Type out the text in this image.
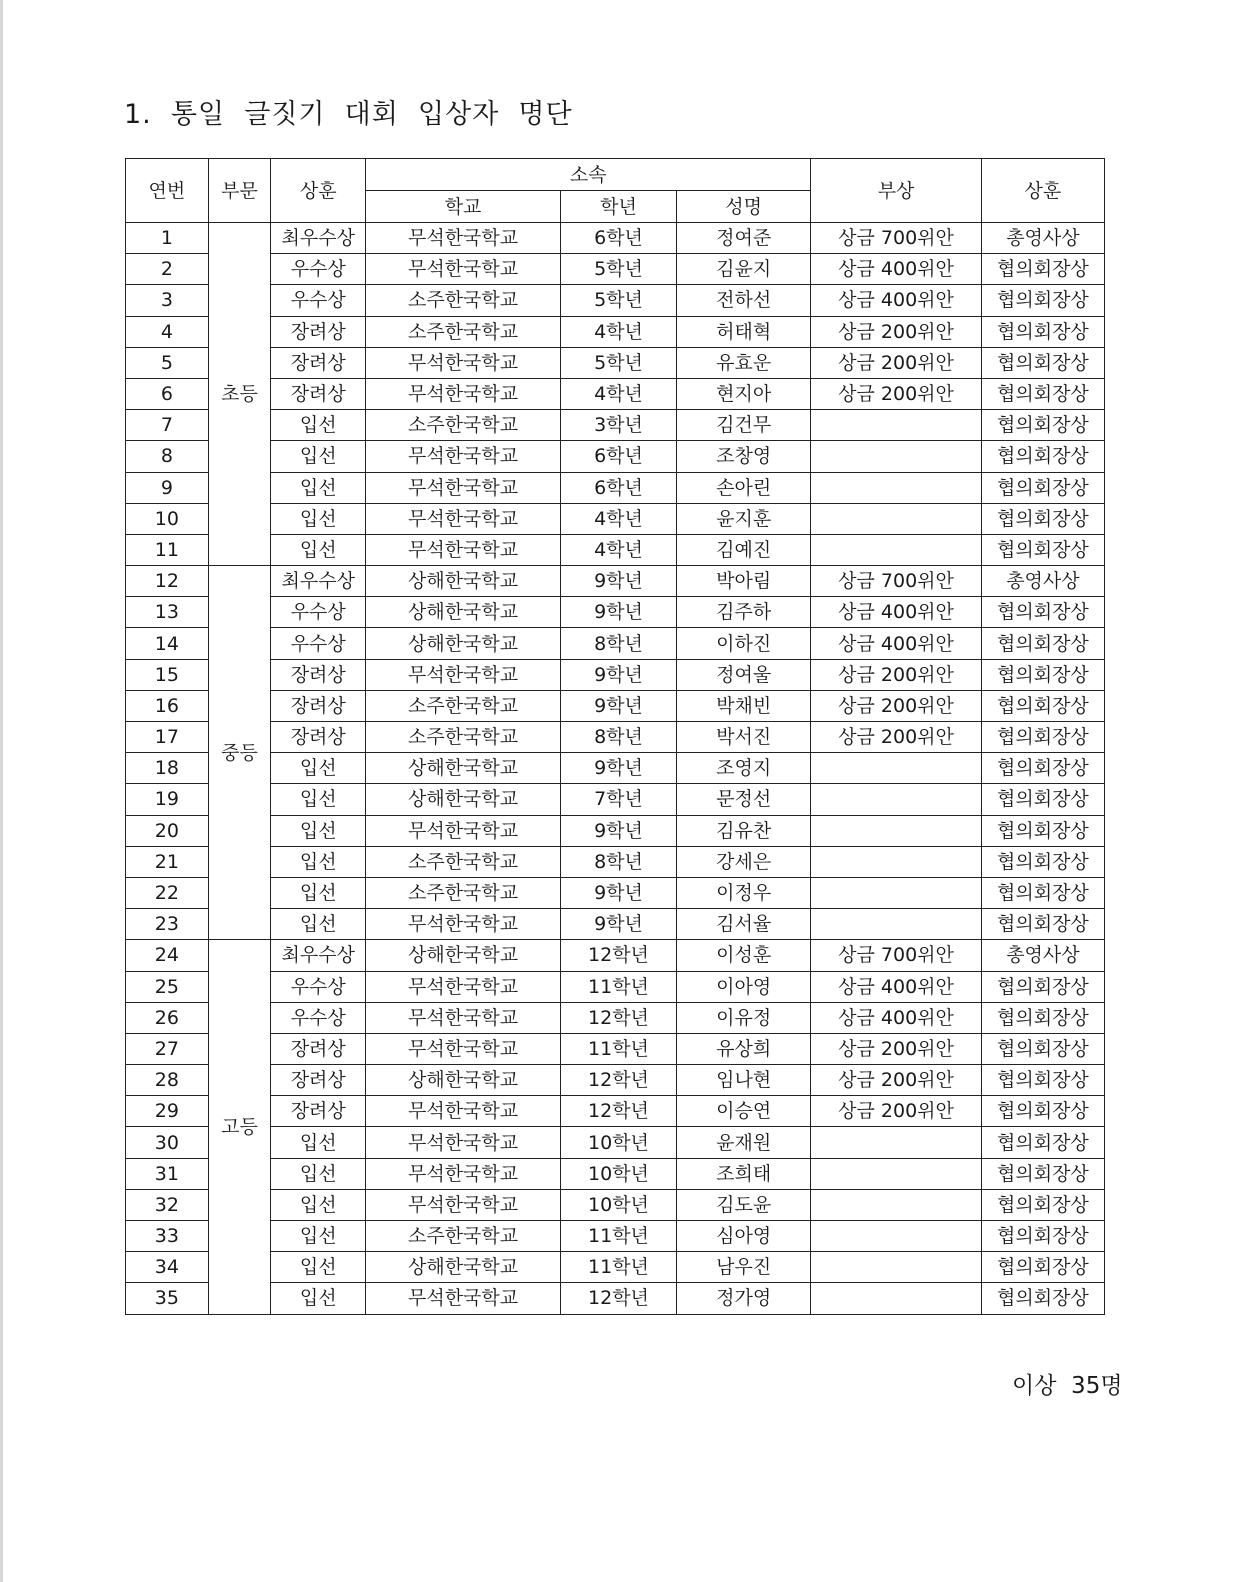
1.  통일  글짓기  대회  입상자  명단
연번	부문	상훈	소속			부상	상훈
			학교	학년	성명		
1	초등	최우수상	무석한국학교	6학년	정여준	상금 700위안	총영사상
2		우수상	무석한국학교	5학년	김윤지	상금 400위안	협의회장상
3		우수상	소주한국학교	5학년	전하선	상금 400위안	협의회장상
4		장려상	소주한국학교	4학년	허태혁	상금 200위안	협의회장상
5		장려상	무석한국학교	5학년	유효운	상금 200위안	협의회장상
6		장려상	무석한국학교	4학년	현지아	상금 200위안	협의회장상
7		입선	소주한국학교	3학년	김건무		협의회장상
8		입선	무석한국학교	6학년	조창영		협의회장상
9		입선	무석한국학교	6학년	손아린		협의회장상
10		입선	무석한국학교	4학년	윤지훈		협의회장상
11		입선	무석한국학교	4학년	김예진		협의회장상
12	중등	최우수상	상해한국학교	9학년	박아림	상금 700위안	총영사상
13		우수상	상해한국학교	9학년	김주하	상금 400위안	협의회장상
14		우수상	상해한국학교	8학년	이하진	상금 400위안	협의회장상
15		장려상	무석한국학교	9학년	정여울	상금 200위안	협의회장상
16		장려상	소주한국학교	9학년	박채빈	상금 200위안	협의회장상
17		장려상	소주한국학교	8학년	박서진	상금 200위안	협의회장상
18		입선	상해한국학교	9학년	조영지		협의회장상
19		입선	상해한국학교	7학년	문정선		협의회장상
20		입선	무석한국학교	9학년	김유찬		협의회장상
21		입선	소주한국학교	8학년	강세은		협의회장상
22		입선	소주한국학교	9학년	이정우		협의회장상
23		입선	무석한국학교	9학년	김서율		협의회장상
24	고등	최우수상	상해한국학교	12학년	이성훈	상금 700위안	총영사상
25		우수상	무석한국학교	11학년	이아영	상금 400위안	협의회장상
26		우수상	무석한국학교	12학년	이유정	상금 400위안	협의회장상
27		장려상	무석한국학교	11학년	유상희	상금 200위안	협의회장상
28		장려상	상해한국학교	12학년	임나현	상금 200위안	협의회장상
29		장려상	무석한국학교	12학년	이승연	상금 200위안	협의회장상
30		입선	무석한국학교	10학년	윤재원		협의회장상
31		입선	무석한국학교	10학년	조희태		협의회장상
32		입선	무석한국학교	10학년	김도윤		협의회장상
33		입선	소주한국학교	11학년	심아영		협의회장상
34		입선	상해한국학교	11학년	남우진		협의회장상
35		입선	무석한국학교	12학년	정가영		협의회장상
이상  35명
